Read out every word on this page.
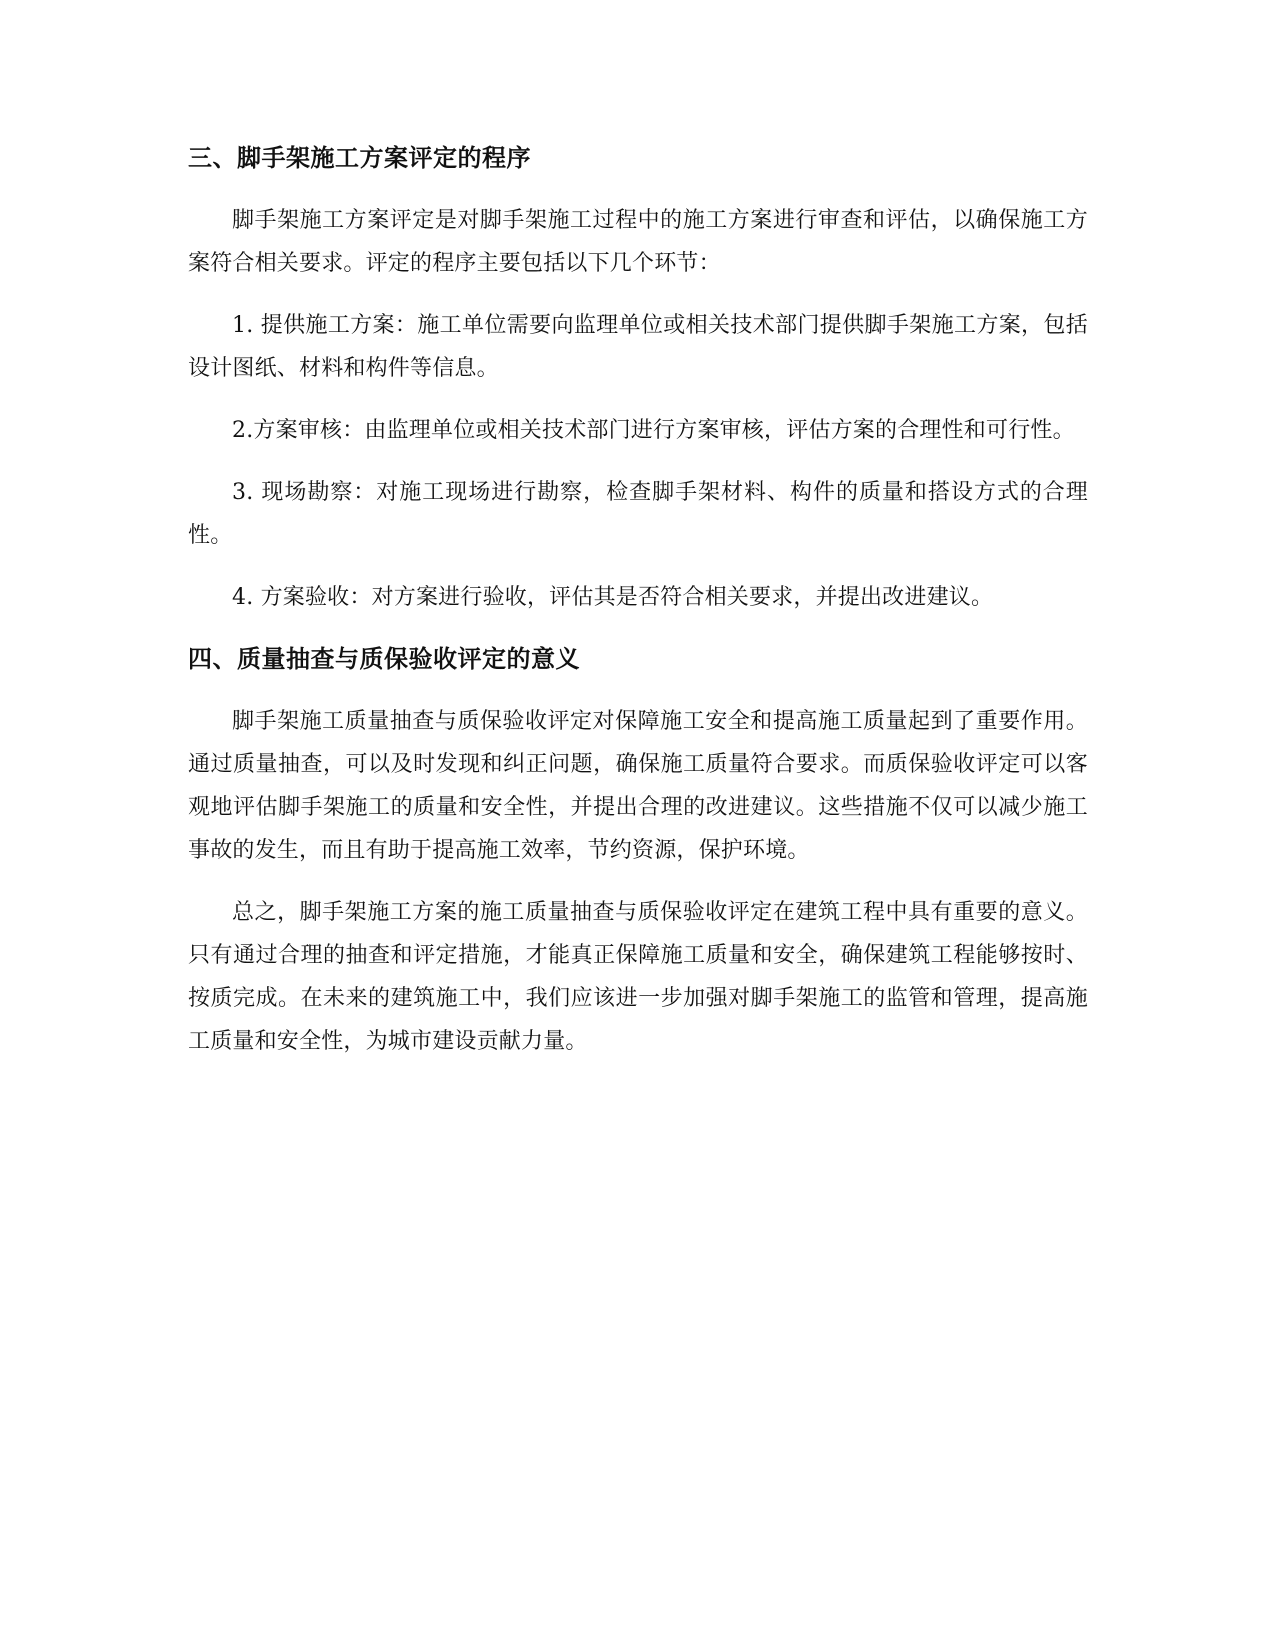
三、脚手架施工方案评定的程序

脚手架施工方案评定是对脚手架施工过程中的施工方案进行审查和评估，以确保施工方案符合相关要求。评定的程序主要包括以下几个环节：

1. 提供施工方案：施工单位需要向监理单位或相关技术部门提供脚手架施工方案，包括设计图纸、材料和构件等信息。

2.方案审核：由监理单位或相关技术部门进行方案审核，评估方案的合理性和可行性。

3. 现场勘察：对施工现场进行勘察，检查脚手架材料、构件的质量和搭设方式的合理性。

4. 方案验收：对方案进行验收，评估其是否符合相关要求，并提出改进建议。

四、质量抽查与质保验收评定的意义

脚手架施工质量抽查与质保验收评定对保障施工安全和提高施工质量起到了重要作用。通过质量抽查，可以及时发现和纠正问题，确保施工质量符合要求。而质保验收评定可以客观地评估脚手架施工的质量和安全性，并提出合理的改进建议。这些措施不仅可以减少施工事故的发生，而且有助于提高施工效率，节约资源，保护环境。

总之，脚手架施工方案的施工质量抽查与质保验收评定在建筑工程中具有重要的意义。只有通过合理的抽查和评定措施，才能真正保障施工质量和安全，确保建筑工程能够按时、按质完成。在未来的建筑施工中，我们应该进一步加强对脚手架施工的监管和管理，提高施工质量和安全性，为城市建设贡献力量。
